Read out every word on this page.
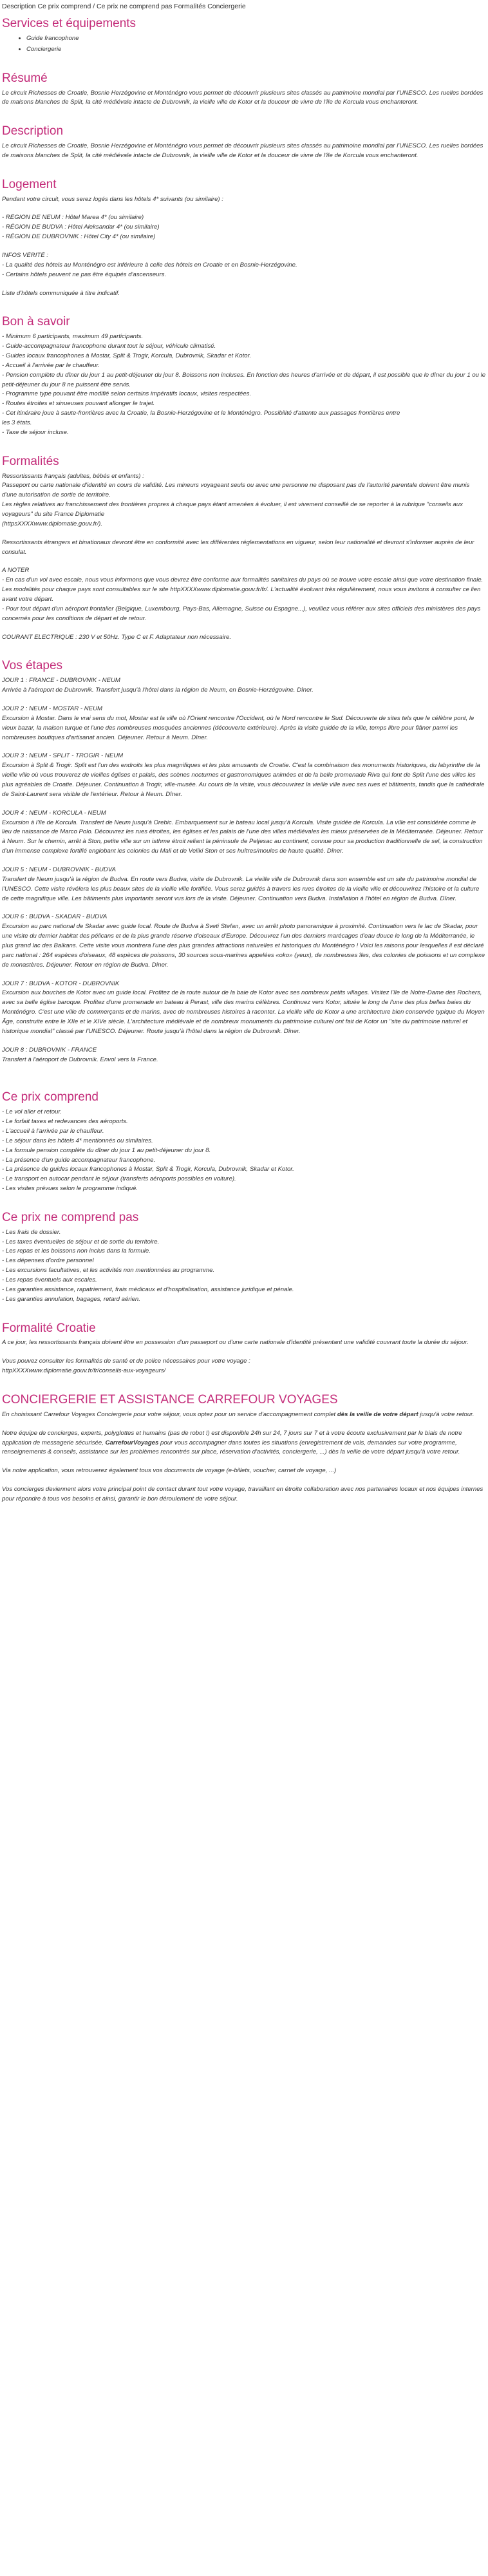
Description Ce prix comprend / Ce prix ne comprend pas Formalités Conciergerie
Services et équipements
• Guide francophone
• Conciergerie
Résumé

Le circuit Richesses de Croatie, Bosnie Herzégovine et Monténégro vous permet de découvrir plusieurs sites classés au patrimoine mondial par l'UNESCO. Les ruelles bordées de maisons blanches de Split, la cité médiévale intacte de Dubrovnik, la vieille ville de Kotor et la douceur de vivre de l'île de Korcula vous enchanteront.

Description

Le circuit Richesses de Croatie, Bosnie Herzégovine et Monténégro vous permet de découvrir plusieurs sites classés au patrimoine mondial par l'UNESCO. Les ruelles bordées de maisons blanches de Split, la cité médiévale intacte de Dubrovnik, la vieille ville de Kotor et la douceur de vivre de l'île de Korcula vous enchanteront.

Logement

Pendant votre circuit, vous serez logés dans les hôtels 4* suivants (ou similaire) :

- RÉGION DE NEUM : Hôtel Marea 4* (ou similaire)

- RÉGION DE BUDVA : Hôtel Aleksandar 4* (ou similaire)

- RÉGION DE DUBROVNIK : Hôtel City 4* (ou similaire)

INFOS VÉRITÉ :

- La qualité des hôtels au Monténégro est inférieure à celle des hôtels en Croatie et en Bosnie-Herzégovine.

- Certains hôtels peuvent ne pas être équipés d'ascenseurs.

Liste d'hôtels communiquée à titre indicatif.

Bon à savoir

- Minimum 6 participants, maximum 49 participants.

- Guide-accompagnateur francophone durant tout le séjour, véhicule climatisé.

- Guides locaux francophones à Mostar, Split & Trogir, Korcula, Dubrovnik, Skadar et Kotor.

- Accueil à l'arrivée par le chauffeur.

- Pension complète du dîner du jour 1 au petit-déjeuner du jour 8. Boissons non incluses. En fonction des heures d'arrivée et de départ, il est possible que le dîner du jour 1 ou le petit-déjeuner du jour 8 ne puissent être servis.

- Programme type pouvant être modifié selon certains impératifs locaux, visites respectées.

- Routes étroites et sinueuses pouvant allonger le trajet.

- Cet itinéraire joue à saute-frontières avec la Croatie, la Bosnie-Herzégovine et le Monténégro. Possibilité d'attente aux passages frontières entre

les 3 états.

- Taxe de séjour incluse.

Formalités

Ressortissants français (adultes, bébés et enfants) :

Passeport ou carte nationale d'identité en cours de validité. Les mineurs voyageant seuls ou avec une personne ne disposant pas de l'autorité parentale doivent être munis d'une autorisation de sortie de territoire.

Les règles relatives au franchissement des frontières propres à chaque pays étant amenées à évoluer, il est vivement conseillé de se reporter à la rubrique "conseils aux voyageurs" du site France Diplomatie

(httpsXXXXwww.diplomatie.gouv.fr/).

Ressortissants étrangers et binationaux devront être en conformité avec les différentes réglementations en vigueur, selon leur nationalité et devront s'informer auprès de leur consulat.

A NOTER

- En cas d'un vol avec escale, nous vous informons que vous devrez être conforme aux formalités sanitaires du pays où se trouve votre escale ainsi que votre destination finale.

Les modalités pour chaque pays sont consultables sur le site httpXXXXwww.diplomatie.gouv.fr/fr/. L'actualité évoluant très régulièrement, nous vous invitons à consulter ce lien avant votre départ.

- Pour tout départ d'un aéroport frontalier (Belgique, Luxembourg, Pays-Bas, Allemagne, Suisse ou Espagne...), veuillez vous référer aux sites officiels des ministères des pays concernés pour les conditions de départ et de retour.

COURANT ELECTRIQUE : 230 V et 50Hz. Type C et F. Adaptateur non nécessaire.

Vos étapes

JOUR 1 : FRANCE - DUBROVNIK - NEUM

Arrivée à l'aéroport de Dubrovnik. Transfert jusqu'à l'hôtel dans la région de Neum, en Bosnie-Herzégovine. Dîner.

JOUR 2 : NEUM - MOSTAR - NEUM

Excursion à Mostar. Dans le vrai sens du mot, Mostar est la ville où l'Orient rencontre l'Occident, où le Nord rencontre le Sud. Découverte de sites tels que le célèbre pont, le vieux bazar, la maison turque et l'une des nombreuses mosquées anciennes (découverte extérieure). Après la visite guidée de la ville, temps libre pour flâner parmi les nombreuses boutiques d'artisanat ancien. Déjeuner. Retour à Neum. Dîner.

JOUR 3 : NEUM - SPLIT - TROGIR - NEUM

Excursion à Split & Trogir. Split est l'un des endroits les plus magnifiques et les plus amusants de Croatie. C'est la combinaison des monuments historiques, du labyrinthe de la vieille ville où vous trouverez de vieilles églises et palais, des scènes nocturnes et gastronomiques animées et de la belle promenade Riva qui font de Split l'une des villes les plus agréables de Croatie. Déjeuner. Continuation à Trogir, ville-musée. Au cours de la visite, vous découvrirez la vieille ville avec ses rues et bâtiments, tandis que la cathédrale de Saint-Laurent sera visible de l'extérieur. Retour à Neum. Dîner.

JOUR 4 : NEUM - KORCULA - NEUM

Excursion à l'île de Korcula. Transfert de Neum jusqu'à Orebic. Embarquement sur le bateau local jusqu'à Korcula. Visite guidée de Korcula. La ville est considérée comme le lieu de naissance de Marco Polo. Découvrez les rues étroites, les églises et les palais de l'une des villes médiévales les mieux préservées de la Méditerranée. Déjeuner. Retour à Neum. Sur le chemin, arrêt à Ston, petite ville sur un isthme étroit reliant la péninsule de Peljesac au continent, connue pour sa production traditionnelle de sel, la construction d'un immense complexe fortifié englobant les colonies du Mali et de Veliki Ston et ses huîtres/moules de haute qualité. Dîner.

JOUR 5 : NEUM - DUBROVNIK - BUDVA

Transfert de Neum jusqu'à la région de Budva. En route vers Budva, visite de Dubrovnik. La vieille ville de Dubrovnik dans son ensemble est un site du patrimoine mondial de l'UNESCO. Cette visite révélera les plus beaux sites de la vieille ville fortifiée. Vous serez guidés à travers les rues étroites de la vieille ville et découvrirez l'histoire et la culture de cette magnifique ville. Les bâtiments plus importants seront vus lors de la visite. Déjeuner. Continuation vers Budva. Installation à l'hôtel en région de Budva. Dîner.

JOUR 6 : BUDVA - SKADAR - BUDVA

Excursion au parc national de Skadar avec guide local. Route de Budva à Sveti Stefan, avec un arrêt photo panoramique à proximité. Continuation vers le lac de Skadar, pour une visite du dernier habitat des pélicans et de la plus grande réserve d'oiseaux d'Europe. Découvrez l'un des derniers marécages d'eau douce le long de la Méditerranée, le plus grand lac des Balkans. Cette visite vous montrera l'une des plus grandes attractions naturelles et historiques du Monténégro ! Voici les raisons pour lesquelles il est déclaré parc national : 264 espèces d'oiseaux, 48 espèces de poissons, 30 sources sous-marines appelées «oko» (yeux), de nombreuses îles, des colonies de poissons et un complexe de monastères. Déjeuner. Retour en région de Budva. Dîner.

JOUR 7 : BUDVA - KOTOR - DUBROVNIK

Excursion aux bouches de Kotor avec un guide local. Profitez de la route autour de la baie de Kotor avec ses nombreux petits villages. Visitez l'île de Notre-Dame des Rochers, avec sa belle église baroque. Profitez d'une promenade en bateau à Perast, ville des marins célèbres. Continuez vers Kotor, située le long de l'une des plus belles baies du Monténégro. C'est une ville de commerçants et de marins, avec de nombreuses histoires à raconter. La vieille ville de Kotor a une architecture bien conservée typique du Moyen Âge, construite entre le XIIe et le XIVe siècle. L'architecture médiévale et de nombreux monuments du patrimoine culturel ont fait de Kotor un "site du patrimoine naturel et historique mondial" classé par l'UNESCO. Déjeuner. Route jusqu'à l'hôtel dans la région de Dubrovnik. Dîner.

JOUR 8 : DUBROVNIK - FRANCE

Transfert à l'aéroport de Dubrovnik. Envol vers la France.

Ce prix comprend

- Le vol aller et retour.

- Le forfait taxes et redevances des aéroports.

- L'accueil à l'arrivée par le chauffeur.

- Le séjour dans les hôtels 4* mentionnés ou similaires.

- La formule pension complète du dîner du jour 1 au petit-déjeuner du jour 8.

- La présence d'un guide accompagnateur francophone.

- La présence de guides locaux francophones à Mostar, Split & Trogir, Korcula, Dubrovnik, Skadar et Kotor.

- Le transport en autocar pendant le séjour (transferts aéroports possibles en voiture).

- Les visites prévues selon le programme indiqué.

Ce prix ne comprend pas

- Les frais de dossier.

- Les taxes éventuelles de séjour et de sortie du territoire.

- Les repas et les boissons non inclus dans la formule.

- Les dépenses d'ordre personnel

- Les excursions facultatives, et les activités non mentionnées au programme.

- Les repas éventuels aux escales.

- Les garanties assistance, rapatriement, frais médicaux et d'hospitalisation, assistance juridique et pénale.

- Les garanties annulation, bagages, retard aérien.

Formalité Croatie

A ce jour, les ressortissants français doivent être en possession d'un passeport ou d'une carte nationale d'identité présentant une validité couvrant toute la durée du séjour.

Vous pouvez consulter les formalités de santé et de police nécessaires pour votre voyage :

httpXXXXwww.diplomatie.gouv.fr/fr/conseils-aux-voyageurs/

CONCIERGERIE ET ASSISTANCE CARREFOUR VOYAGES

En choisissant Carrefour Voyages Conciergerie pour votre séjour, vous optez pour un service d'accompagnement complet dès la veille de votre départ jusqu'à votre retour.

Notre équipe de concierges, experts, polyglottes et humains (pas de robot !) est disponible 24h sur 24, 7 jours sur 7 et à votre écoute exclusivement par le biais de notre application de messagerie sécurisée, CarrefourVoyages pour vous accompagner dans toutes les situations (enregistrement de vols, demandes sur votre programme, renseignements & conseils, assistance sur les problèmes rencontrés sur place, réservation d'activités, conciergerie, ...) dès la veille de votre départ jusqu'à votre retour.

Via notre application, vous retrouverez également tous vos documents de voyage (e-billets, voucher, carnet de voyage, ...)

Vos concierges deviennent alors votre principal point de contact durant tout votre voyage, travaillant en étroite collaboration avec nos partenaires locaux et nos équipes internes pour répondre à tous vos besoins et ainsi, garantir le bon déroulement de votre séjour.
